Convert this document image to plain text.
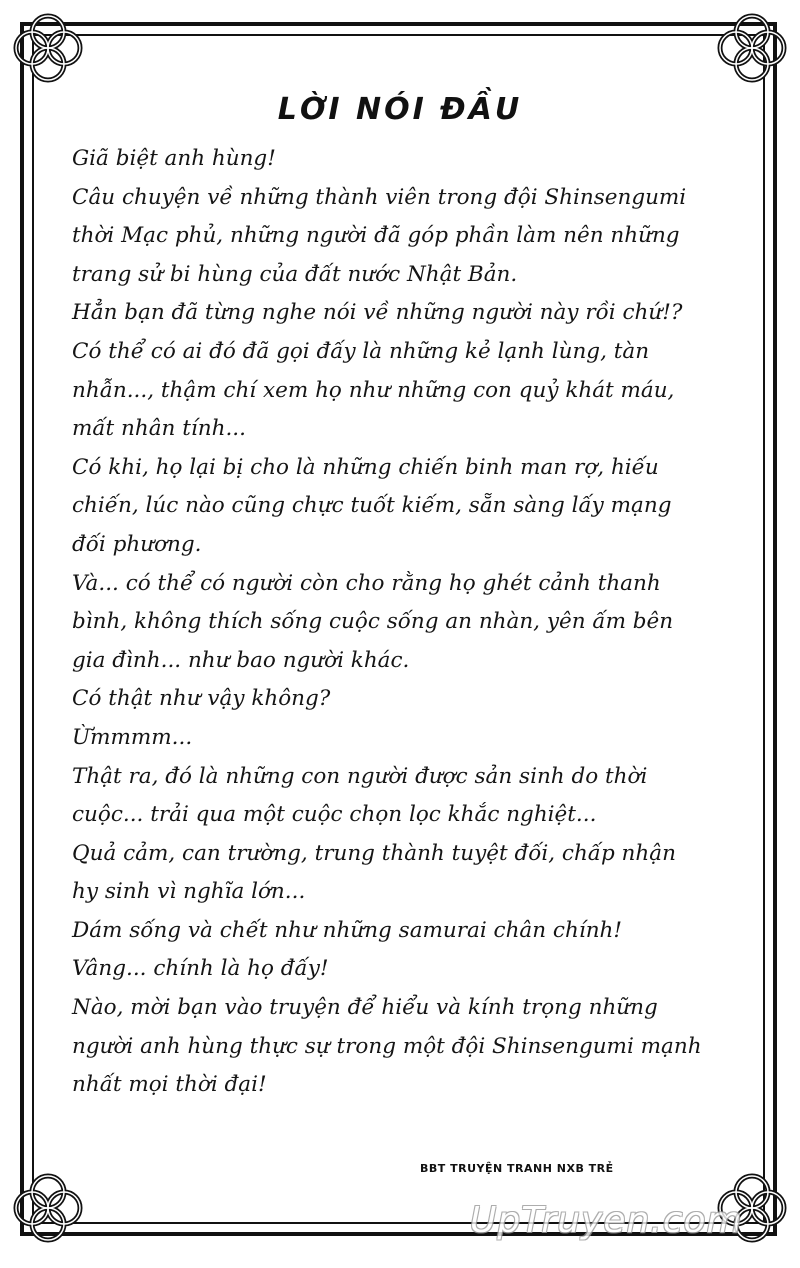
LỜI NÓI ĐẦU
Giã biệt anh hùng!
Câu chuyện về những thành viên trong đội Shinsengumi
thời Mạc phủ, những người đã góp phần làm nên những
trang sử bi hùng của đất nước Nhật Bản.
Hẳn bạn đã từng nghe nói về những người này rồi chứ!?
Có thể có ai đó đã gọi đấy là những kẻ lạnh lùng, tàn
nhẫn..., thậm chí xem họ như những con quỷ khát máu,
mất nhân tính...
Có khi, họ lại bị cho là những chiến binh man rợ, hiếu
chiến, lúc nào cũng chực tuốt kiếm, sẵn sàng lấy mạng
đối phương.
Và... có thể có người còn cho rằng họ ghét cảnh thanh
bình, không thích sống cuộc sống an nhàn, yên ấm bên
gia đình... như bao người khác.
Có thật như vậy không?
Ừmmmm...
Thật ra, đó là những con người được sản sinh do thời
cuộc... trải qua một cuộc chọn lọc khắc nghiệt...
Quả cảm, can trường, trung thành tuyệt đối, chấp nhận
hy sinh vì nghĩa lớn...
Dám sống và chết như những samurai chân chính!
Vâng... chính là họ đấy!
Nào, mời bạn vào truyện để hiểu và kính trọng những
người anh hùng thực sự trong một đội Shinsengumi mạnh
nhất mọi thời đại!
BBT TRUYỆN TRANH NXB TRẺ
UpTruyen.com
